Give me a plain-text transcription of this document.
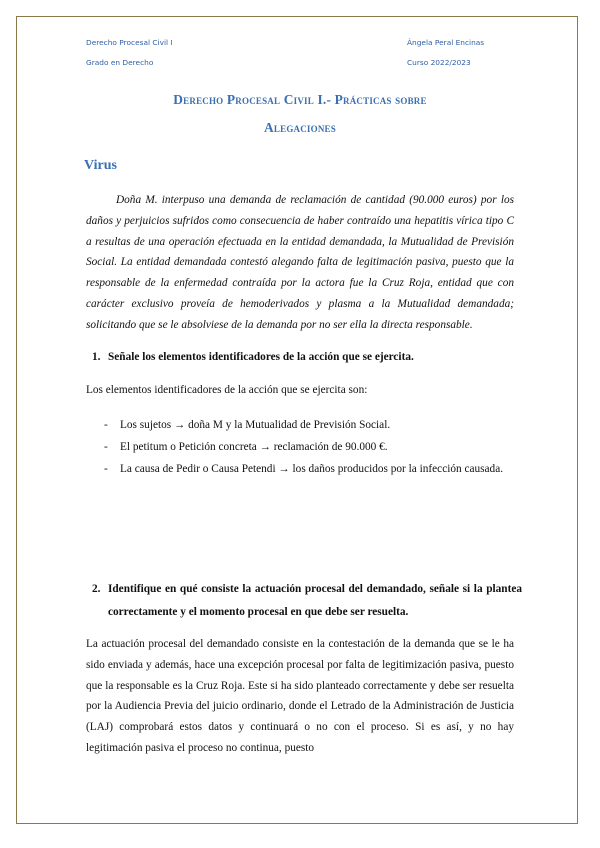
Derecho Procesal Civil I
Grado en Derecho
Ángela Peral Encinas
Curso 2022/2023
Derecho Procesal Civil I.- Prácticas sobre
Alegaciones
Virus
Doña M. interpuso una demanda de reclamación de cantidad (90.000 euros) por los daños y perjuicios sufridos como consecuencia de haber contraído una hepatitis vírica tipo C a resultas de una operación efectuada en la entidad demandada, la Mutualidad de Previsión Social. La entidad demandada contestó alegando falta de legitimación pasiva, puesto que la responsable de la enfermedad contraída por la actora fue la Cruz Roja, entidad que con carácter exclusivo proveía de hemoderivados y plasma a la Mutualidad demandada; solicitando que se le absolviese de la demanda por no ser ella la directa responsable.
1. Señale los elementos identificadores de la acción que se ejercita.
Los elementos identificadores de la acción que se ejercita son:
- Los sujetos → doña M y la Mutualidad de Previsión Social.
- El petitum o Petición concreta → reclamación de 90.000 €.
- La causa de Pedir o Causa Petendi → los daños producidos por la infección causada.
2. Identifique en qué consiste la actuación procesal del demandado, señale si la plantea correctamente y el momento procesal en que debe ser resuelta.
La actuación procesal del demandado consiste en la contestación de la demanda que se le ha sido enviada y además, hace una excepción procesal por falta de legitimización pasiva, puesto que la responsable es la Cruz Roja. Este si ha sido planteado correctamente y debe ser resuelta por la Audiencia Previa del juicio ordinario, donde el Letrado de la Administración de Justicia (LAJ) comprobará estos datos y continuará o no con el proceso. Si es así, y no hay legitimación pasiva el proceso no continua, puesto
